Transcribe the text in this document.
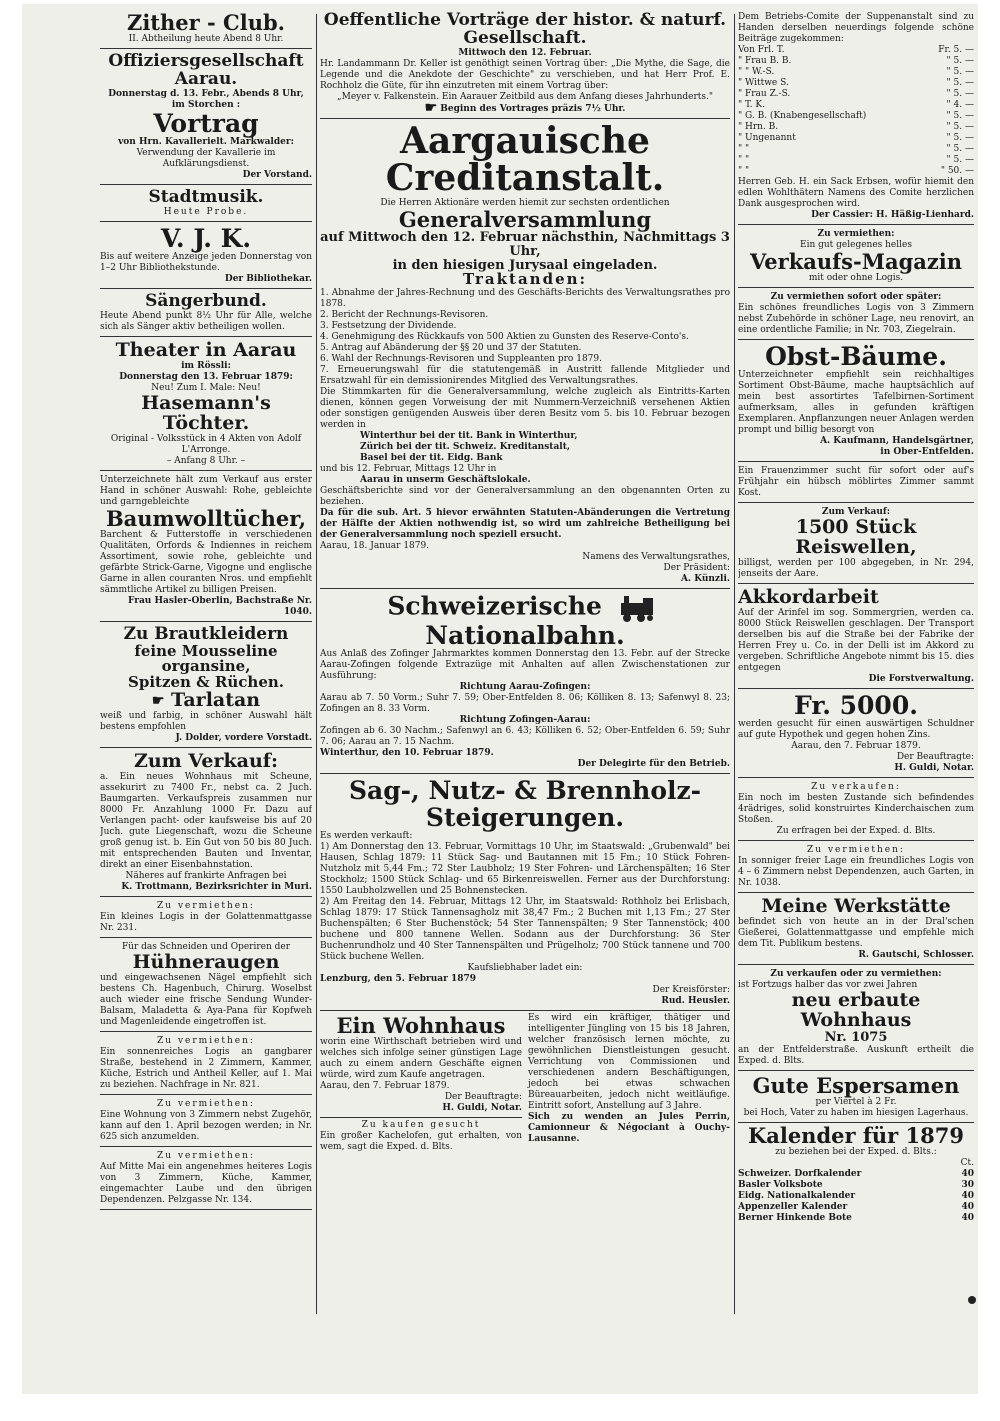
Zither - Club.
II. Abtheilung heute Abend 8 Uhr.
Offiziersgesellschaft Aarau.
Donnerstag d. 13. Febr., Abends 8 Uhr,
im Storchen :
Vortrag
von Hrn. Kavallerielt. Markwalder:
Verwendung der Kavallerie im Aufklärungsdienst.
Der Vorstand.
Stadtmusik.
Heute Probe.
V. J. K.
Bis auf weitere Anzeige jeden Donnerstag von 1–2 Uhr Bibliothekstunde.
Der Bibliothekar.
Sängerbund.
Heute Abend punkt 8½ Uhr für Alle, welche sich als Sänger aktiv betheiligen wollen.
Theater in Aarau
im Rössli:
Donnerstag den 13. Februar 1879:
Neu! Zum I. Male: Neu!
Hasemann's Töchter.
Original - Volksstück in 4 Akten von Adolf L'Arronge.
– Anfang 8 Uhr. –
Unterzeichnete hält zum Verkauf aus erster Hand in schöner Auswahl: Rohe, gebleichte und garngebleichte
Baumwolltücher,
Barchent & Futterstoffe in verschiedenen Qualitäten, Orfords & Indiennes in reichem Assortiment, sowie rohe, gebleichte und gefärbte Strick-Garne, Vigogne und englische Garne in allen couranten Nros. und empfiehlt sämmtliche Artikel zu billigen Preisen.
Frau Hasler-Oberlin, Bachstraße Nr. 1040.
Zu Brautkleidern
feine Mousseline organsine,
Spitzen & Rüchen.
☛ Tarlatan
weiß und farbig, in schöner Auswahl hält bestens empfohlen
J. Dolder, vordere Vorstadt.
Zum Verkauf:
a. Ein neues Wohnhaus mit Scheune, assekurirt zu 7400 Fr., nebst ca. 2 Juch. Baumgarten. Verkaufspreis zusammen nur 8000 Fr. Anzahlung 1000 Fr. Dazu auf Verlangen pacht- oder kaufsweise bis auf 20 Juch. gute Liegenschaft, wozu die Scheune groß genug ist. b. Ein Gut von 50 bis 80 Juch. mit entsprechenden Bauten und Inventar, direkt an einer Eisenbahnstation.
Näheres auf frankirte Anfragen bei
K. Trottmann, Bezirksrichter in Muri.
Zu vermiethen:
Ein kleines Logis in der Golattenmattgasse Nr. 231.
Für das Schneiden und Operiren der
Hühneraugen
und eingewachsenen Nägel empfiehlt sich bestens Ch. Hagenbuch, Chirurg. Woselbst auch wieder eine frische Sendung Wunder-Balsam, Maladetta & Aya-Pana für Kopfweh und Magenleidende eingetroffen ist.
Zu vermiethen:
Ein sonnenreiches Logis an gangbarer Straße, bestehend in 2 Zimmern, Kammer, Küche, Estrich und Antheil Keller, auf 1. Mai zu beziehen. Nachfrage in Nr. 821.
Zu vermiethen:
Eine Wohnung von 3 Zimmern nebst Zugehör, kann auf den 1. April bezogen werden; in Nr. 625 sich anzumelden.
Zu vermiethen:
Auf Mitte Mai ein angenehmes heiteres Logis von 3 Zimmern, Küche, Kammer, eingemachter Laube und den übrigen Dependenzen. Pelzgasse Nr. 134.
Oeffentliche Vorträge der histor. & naturf. Gesellschaft.
Mittwoch den 12. Februar.
Hr. Landammann Dr. Keller ist genöthigt seinen Vortrag über: „Die Mythe, die Sage, die Legende und die Anekdote der Geschichte" zu verschieben, und hat Herr Prof. E. Rochholz die Güte, für ihn einzutreten mit einem Vortrag über:
„Meyer v. Falkenstein. Ein Aarauer Zeitbild aus dem Anfang dieses Jahrhunderts."
☛ Beginn des Vortrages präzis 7½ Uhr.
Aargauische Creditanstalt.
Die Herren Aktionäre werden hiemit zur sechsten ordentlichen
Generalversammlung
auf Mittwoch den 12. Februar nächsthin, Nachmittags 3 Uhr,
in den hiesigen Jurysaal eingeladen.
Traktanden:
1. Abnahme der Jahres-Rechnung und des Geschäfts-Berichts des Verwaltungsrathes pro 1878.
2. Bericht der Rechnungs-Revisoren.
3. Festsetzung der Dividende.
4. Genehmigung des Rückkaufs von 500 Aktien zu Gunsten des Reserve-Conto's.
5. Antrag auf Abänderung der §§ 20 und 37 der Statuten.
6. Wahl der Rechnungs-Revisoren und Suppleanten pro 1879.
7. Erneuerungswahl für die statutengemäß in Austritt fallende Mitglieder und Ersatzwahl für ein demissionirendes Mitglied des Verwaltungsrathes.
Die Stimmkarten für die Generalversammlung, welche zugleich als Eintritts-Karten dienen, können gegen Vorweisung der mit Nummern-Verzeichniß versehenen Aktien oder sonstigen genügenden Ausweis über deren Besitz vom 5. bis 10. Februar bezogen werden in
Winterthur bei der tit. Bank in Winterthur,
Zürich bei der tit. Schweiz. Kreditanstalt,
Basel bei der tit. Eidg. Bank
und bis 12. Februar, Mittags 12 Uhr in
Aarau in unserm Geschäftslokale.
Geschäftsberichte sind vor der Generalversammlung an den obgenannten Orten zu beziehen.
Da für die sub. Art. 5 hievor erwähnten Statuten-Abänderungen die Vertretung der Hälfte der Aktien nothwendig ist, so wird um zahlreiche Betheiligung bei der Generalversammlung noch speziell ersucht.
Aarau, 18. Januar 1879.
Namens des Verwaltungsrathes,
Der Präsident:
A. Künzli.
Schweizerische  Nationalbahn.
Aus Anlaß des Zofinger Jahrmarktes kommen Donnerstag den 13. Febr. auf der Strecke Aarau-Zofingen folgende Extrazüge mit Anhalten auf allen Zwischenstationen zur Ausführung:
Richtung Aarau-Zofingen:
Aarau ab 7. 50 Vorm.; Suhr 7. 59; Ober-Entfelden 8. 06; Kölliken 8. 13; Safenwyl 8. 23; Zofingen an 8. 33 Vorm.
Richtung Zofingen-Aarau:
Zofingen ab 6. 30 Nachm.; Safenwyl an 6. 43; Kölliken 6. 52; Ober-Entfelden 6. 59; Suhr 7. 06; Aarau an 7. 15 Nachm.
Winterthur, den 10. Februar 1879.
Der Delegirte für den Betrieb.
Sag-, Nutz- & Brennholz-
Steigerungen.
Es werden verkauft:
1) Am Donnerstag den 13. Februar, Vormittags 10 Uhr, im Staatswald: „Grubenwald" bei Hausen, Schlag 1879: 11 Stück Sag- und Bautannen mit 15 Fm.; 10 Stück Fohren-Nutzholz mit 5,44 Fm.; 72 Ster Laubholz; 19 Ster Fohren- und Lärchenspälten; 16 Ster Stockholz; 1500 Stück Schlag- und 65 Birkenreiswellen. Ferner aus der Durchforstung: 1550 Laubholzwellen und 25 Bohnenstecken.
2) Am Freitag den 14. Februar, Mittags 12 Uhr, im Staatswald: Rothholz bei Erlisbach, Schlag 1879: 17 Stück Tannensagholz mit 38,47 Fm.; 2 Buchen mit 1,13 Fm.; 27 Ster Buchenspälten; 6 Ster Buchenstöck; 54 Ster Tannenspälten; 9 Ster Tannenstöck; 400 buchene und 800 tannene Wellen. Sodann aus der Durchforstung: 36 Ster Buchenrundholz und 40 Ster Tannenspälten und Prügelholz; 700 Stück tannene und 700 Stück buchene Wellen.
Kaufsliebhaber ladet ein:
Lenzburg, den 5. Februar 1879
Der Kreisförster:
Rud. Heusler.
Ein Wohnhaus
worin eine Wirthschaft betrieben wird und welches sich infolge seiner günstigen Lage auch zu einem andern Geschäfte eignen würde, wird zum Kaufe angetragen.
Aarau, den 7. Februar 1879.
Der Beauftragte:
H. Guldi, Notar.
Zu kaufen gesucht
Ein großer Kachelofen, gut erhalten, von wem, sagt die Exped. d. Blts.
Es wird ein kräftiger, thätiger und intelligenter Jüngling von 15 bis 18 Jahren, welcher französisch lernen möchte, zu gewöhnlichen Dienstleistungen gesucht. Verrichtung von Commissionen und verschiedenen andern Beschäftigungen, jedoch bei etwas schwachen Büreauarbeiten, jedoch nicht weitläufige. Eintritt sofort, Anstellung auf 3 Jahre.
Sich zu wenden an Jules Perrin, Camionneur & Négociant à Ouchy-Lausanne.
Dem Betriebs-Comite der Suppenanstalt sind zu Handen derselben neuerdings folgende schöne Beiträge zugekommen:
Von Frl. T.	Fr. 5. —
" Frau B. B.	" 5. —
" " W.-S.	" 5. —
" Wittwe S.	" 5. —
" Frau Z.-S.	" 5. —
" T. K.	" 4. —
" G. B. (Knabengesellschaft)	" 5. —
" Hrn. B.	" 5. —
" Ungenannt	" 5. —
" "	" 5. —
" "	" 5. —
" "	" 50. —
Herren Geb. H. ein Sack Erbsen, wofür hiemit den edlen Wohlthätern Namens des Comite herzlichen Dank ausgesprochen wird.
Der Cassier: H. Häßig-Lienhard.
Zu vermiethen:
Ein gut gelegenes helles
Verkaufs-Magazin
mit oder ohne Logis.
Zu vermiethen sofort oder später:
Ein schönes freundliches Logis von 3 Zimmern nebst Zubehörde in schöner Lage, neu renovirt, an eine ordentliche Familie; in Nr. 703, Ziegelrain.
Obst-Bäume.
Unterzeichneter empfiehlt sein reichhaltiges Sortiment Obst-Bäume, mache hauptsächlich auf mein best assortirtes Tafelbirnen-Sortiment aufmerksam, alles in gefunden kräftigen Exemplaren. Anpflanzungen neuer Anlagen werden prompt und billig besorgt von
A. Kaufmann, Handelsgärtner,
in Ober-Entfelden.
Ein Frauenzimmer sucht für sofort oder auf's Frühjahr ein hübsch möblirtes Zimmer sammt Kost.
Zum Verkauf:
1500 Stück Reiswellen,
billigst, werden per 100 abgegeben, in Nr. 294, jenseits der Aare.
Akkordarbeit
Auf der Arinfel im sog. Sommergrien, werden ca. 8000 Stück Reiswellen geschlagen. Der Transport derselben bis auf die Straße bei der Fabrike der Herren Frey u. Co. in der Delli ist im Akkord zu vergeben. Schriftliche Angebote nimmt bis 15. dies entgegen
Die Forstverwaltung.
Fr. 5000.
werden gesucht für einen auswärtigen Schuldner auf gute Hypothek und gegen hohen Zins.
Aarau, den 7. Februar 1879.
Der Beauftragte:
H. Guldi, Notar.
Zu verkaufen:
Ein noch im besten Zustande sich befindendes 4rädriges, solid konstruirtes Kinderchaischen zum Stoßen.
Zu erfragen bei der Exped. d. Blts.
Zu vermiethen:
In sonniger freier Lage ein freundliches Logis von 4 – 6 Zimmern nebst Dependenzen, auch Garten, in Nr. 1038.
Meine Werkstätte
befindet sich von heute an in der Dral'schen Gießerei, Golattenmattgasse und empfehle mich dem Tit. Publikum bestens.
R. Gautschi, Schlosser.
Zu verkaufen oder zu vermiethen:
ist Fortzugs halber das vor zwei Jahren
neu erbaute Wohnhaus
Nr. 1075
an der Entfelderstraße. Auskunft ertheilt die Exped. d. Blts.
Gute Espersamen
per Viertel à 2 Fr.
bei Hoch, Vater zu haben im hiesigen Lagerhaus.
Kalender für 1879
zu beziehen bei der Exped. d. Blts.:
Ct.
Schweizer. Dorfkalender	40
Basler Volksbote	30
Eidg. Nationalkalender	40
Appenzeller Kalender	40
Berner Hinkende Bote	40
